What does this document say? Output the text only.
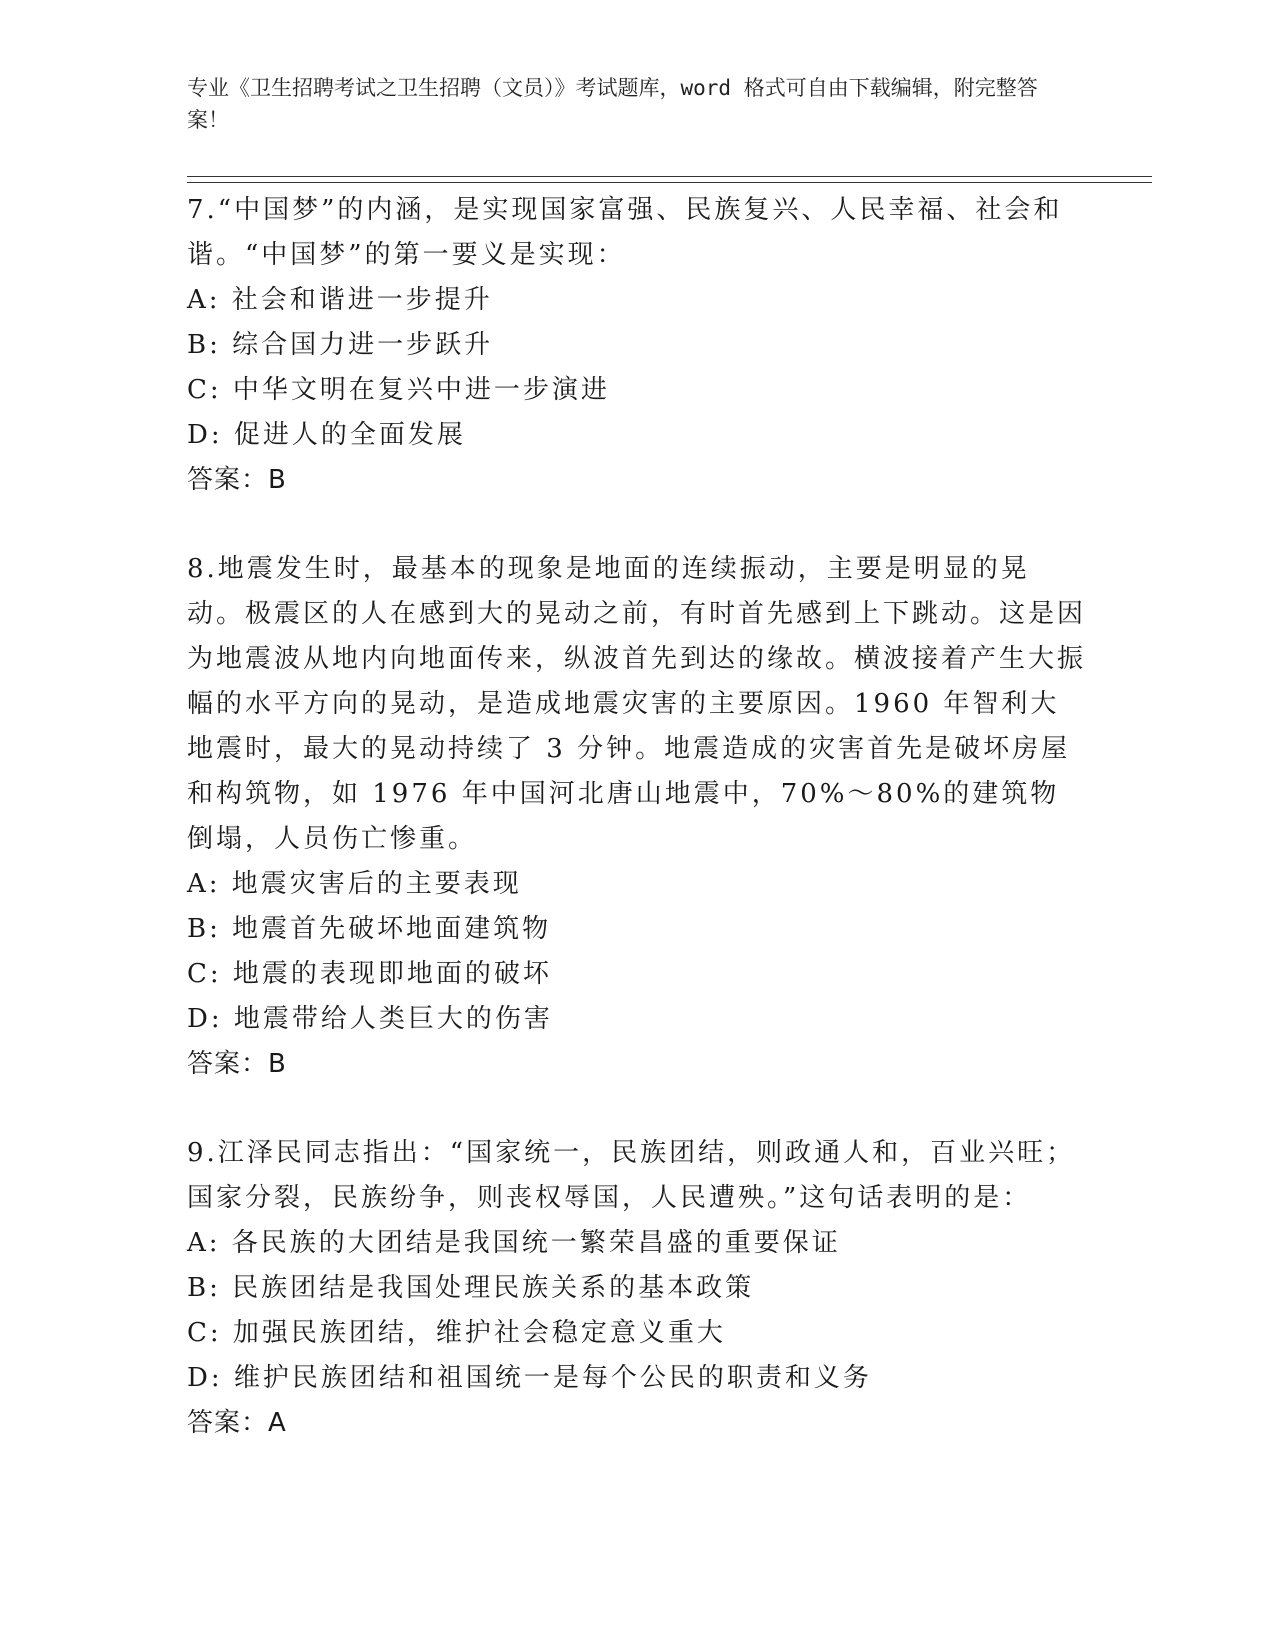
专业《卫生招聘考试之卫生招聘（文员）》考试题库，word 格式可自由下载编辑，附完整答案！

7.“中国梦”的内涵，是实现国家富强、民族复兴、人民幸福、社会和谐。“中国梦”的第一要义是实现：

A: 社会和谐进一步提升

B: 综合国力进一步跃升

C: 中华文明在复兴中进一步演进

D: 促进人的全面发展

答案：B

8.地震发生时，最基本的现象是地面的连续振动，主要是明显的晃动。极震区的人在感到大的晃动之前，有时首先感到上下跳动。这是因为地震波从地内向地面传来，纵波首先到达的缘故。横波接着产生大振幅的水平方向的晃动，是造成地震灾害的主要原因。1960 年智利大地震时，最大的晃动持续了 3 分钟。地震造成的灾害首先是破坏房屋和构筑物，如 1976 年中国河北唐山地震中，70%～80%的建筑物倒塌，人员伤亡惨重。

A: 地震灾害后的主要表现

B: 地震首先破坏地面建筑物

C: 地震的表现即地面的破坏

D: 地震带给人类巨大的伤害

答案：B

9.江泽民同志指出：“国家统一，民族团结，则政通人和，百业兴旺；国家分裂，民族纷争，则丧权辱国，人民遭殃。”这句话表明的是：

A: 各民族的大团结是我国统一繁荣昌盛的重要保证

B: 民族团结是我国处理民族关系的基本政策

C: 加强民族团结，维护社会稳定意义重大

D: 维护民族团结和祖国统一是每个公民的职责和义务

答案：A
